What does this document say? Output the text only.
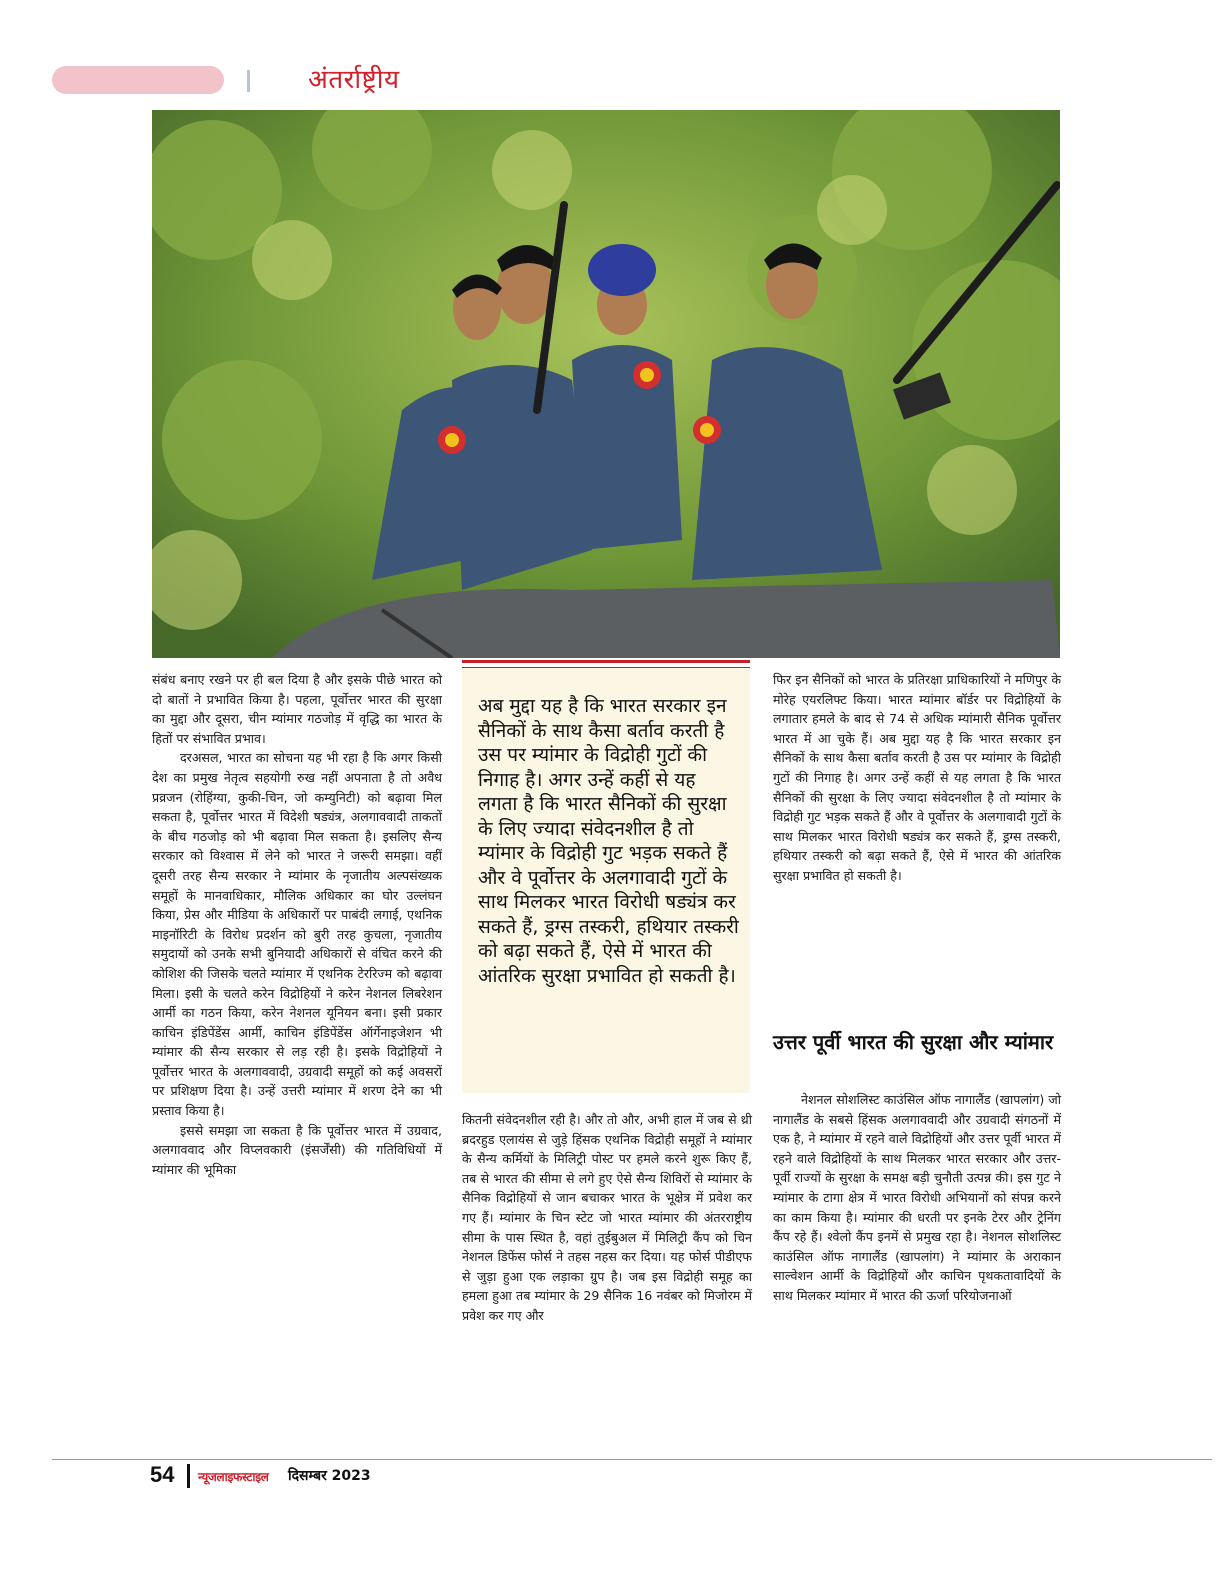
अंतर्राष्ट्रीय

संबंध बनाए रखने पर ही बल दिया है और इसके पीछे भारत को दो बातों ने प्रभावित किया है। पहला, पूर्वोत्तर भारत की सुरक्षा का मुद्दा और दूसरा, चीन म्यांमार गठजोड़ में वृद्धि का भारत के हितों पर संभावित प्रभाव।

दरअसल, भारत का सोचना यह भी रहा है कि अगर किसी देश का प्रमुख नेतृत्व सहयोगी रुख नहीं अपनाता है तो अवैध प्रव्रजन (रोहिंग्या, कुकी-चिन, जो कम्युनिटी) को बढ़ावा मिल सकता है, पूर्वोत्तर भारत में विदेशी षड्यंत्र, अलगाववादी ताकतों के बीच गठजोड़ को भी बढ़ावा मिल सकता है। इसलिए सैन्य सरकार को विश्वास में लेने को भारत ने जरूरी समझा। वहीं दूसरी तरह सैन्य सरकार ने म्यांमार के नृजातीय अल्पसंख्यक समूहों के मानवाधिकार, मौलिक अधिकार का घोर उल्लंघन किया, प्रेस और मीडिया के अधिकारों पर पाबंदी लगाई, एथनिक माइनॉरिटी के विरोध प्रदर्शन को बुरी तरह कुचला, नृजातीय समुदायों को उनके सभी बुनियादी अधिकारों से वंचित करने की कोशिश की जिसके चलते म्यांमार में एथनिक टेररिज्म को बढ़ावा मिला। इसी के चलते करेन विद्रोहियों ने करेन नेशनल लिबरेशन आर्मी का गठन किया, करेन नेशनल यूनियन बना। इसी प्रकार काचिन इंडिपेंडेंस आर्मी, काचिन इंडिपेंडेंस ऑर्गेनाइजेशन भी म्यांमार की सैन्य सरकार से लड़ रही है। इसके विद्रोहियों ने पूर्वोत्तर भारत के अलगाववादी, उग्रवादी समूहों को कई अवसरों पर प्रशिक्षण दिया है। उन्हें उत्तरी म्यांमार में शरण देने का भी प्रस्ताव किया है।

इससे समझा जा सकता है कि पूर्वोत्तर भारत में उग्रवाद, अलगाववाद और विप्लवकारी (इंसर्जेंसी) की गतिविधियों में म्यांमार की भूमिका

अब मुद्दा यह है कि भारत सरकार इन सैनिकों के साथ कैसा बर्ताव करती है उस पर म्यांमार के विद्रोही गुटों की निगाह है। अगर उन्हें कहीं से यह लगता है कि भारत सैनिकों की सुरक्षा के लिए ज्यादा संवेदनशील है तो म्यांमार के विद्रोही गुट भड़क सकते हैं और वे पूर्वोत्तर के अलगावादी गुटों के साथ मिलकर भारत विरोधी षड्यंत्र कर सकते हैं, ड्रग्स तस्करी, हथियार तस्करी को बढ़ा सकते हैं, ऐसे में भारत की आंतरिक सुरक्षा प्रभावित हो सकती है।

कितनी संवेदनशील रही है। और तो और, अभी हाल में जब से थ्री ब्रदरहुड एलायंस से जुड़े हिंसक एथनिक विद्रोही समूहों ने म्यांमार के सैन्य कर्मियों के मिलिट्री पोस्ट पर हमले करने शुरू किए हैं, तब से भारत की सीमा से लगे हुए ऐसे सैन्य शिविरों से म्यांमार के सैनिक विद्रोहियों से जान बचाकर भारत के भूक्षेत्र में प्रवेश कर गए हैं। म्यांमार के चिन स्टेट जो भारत म्यांमार की अंतरराष्ट्रीय सीमा के पास स्थित है, वहां तुईबुअल में मिलिट्री कैंप को चिन नेशनल डिफेंस फोर्स ने तहस नहस कर दिया। यह फोर्स पीडीएफ से जुड़ा हुआ एक लड़ाका ग्रुप है। जब इस विद्रोही समूह का हमला हुआ तब म्यांमार के 29 सैनिक 16 नवंबर को मिजोरम में प्रवेश कर गए और

फिर इन सैनिकों को भारत के प्रतिरक्षा प्राधिकारियों ने मणिपुर के मोरेह एयरलिफ्ट किया। भारत म्यांमार बॉर्डर पर विद्रोहियों के लगातार हमले के बाद से 74 से अधिक म्यांमारी सैनिक पूर्वोत्तर भारत में आ चुके हैं। अब मुद्दा यह है कि भारत सरकार इन सैनिकों के साथ कैसा बर्ताव करती है उस पर म्यांमार के विद्रोही गुटों की निगाह है। अगर उन्हें कहीं से यह लगता है कि भारत सैनिकों की सुरक्षा के लिए ज्यादा संवेदनशील है तो म्यांमार के विद्रोही गुट भड़क सकते हैं और वे पूर्वोत्तर के अलगावादी गुटों के साथ मिलकर भारत विरोधी षड्यंत्र कर सकते हैं, ड्रग्स तस्करी, हथियार तस्करी को बढ़ा सकते हैं, ऐसे में भारत की आंतरिक सुरक्षा प्रभावित हो सकती है।

उत्तर पूर्वी भारत की सुरक्षा और म्यांमार

नेशनल सोशलिस्ट काउंसिल ऑफ नागालैंड (खापलांग) जो नागालैंड के सबसे हिंसक अलगाववादी और उग्रवादी संगठनों में एक है, ने म्यांमार में रहने वाले विद्रोहियों और उत्तर पूर्वी भारत में रहने वाले विद्रोहियों के साथ मिलकर भारत सरकार और उत्तर-पूर्वी राज्यों के सुरक्षा के समक्ष बड़ी चुनौती उत्पन्न की। इस गुट ने म्यांमार के टागा क्षेत्र में भारत विरोधी अभियानों को संपन्न करने का काम किया है। म्यांमार की धरती पर इनके टेरर और ट्रेनिंग कैंप रहे हैं। श्वेलो कैंप इनमें से प्रमुख रहा है। नेशनल सोशलिस्ट काउंसिल ऑफ नागालैंड (खापलांग) ने म्यांमार के अराकान साल्वेशन आर्मी के विद्रोहियों और काचिन पृथकतावादियों के साथ मिलकर म्यांमार में भारत की ऊर्जा परियोजनाओं

54 न्यूजलाइफस्टाइल दिसम्बर 2023
